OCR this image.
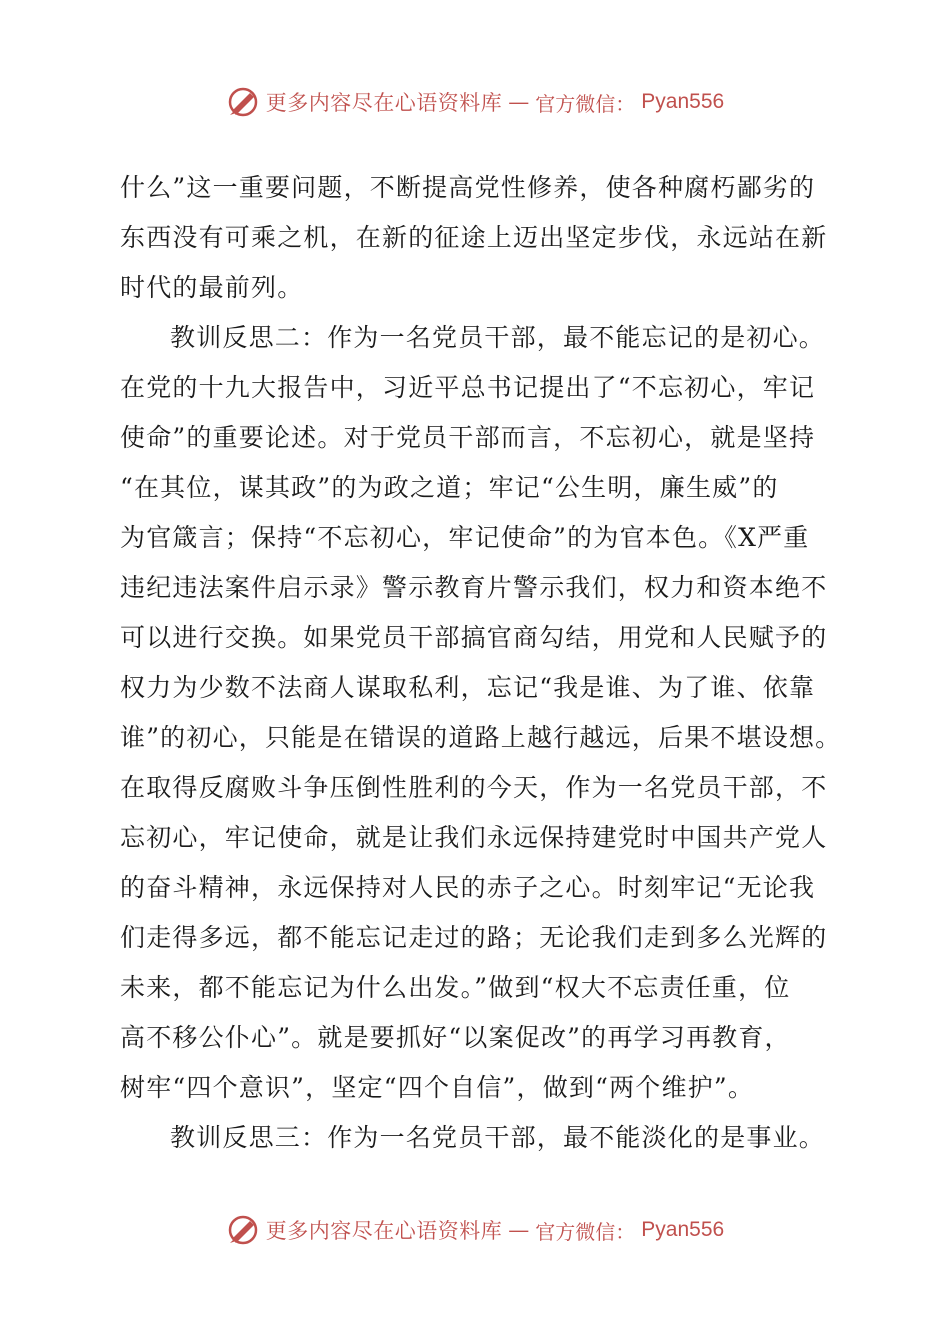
更多内容尽在心语资料库 — 官方微信： Pyan556
什么”这一重要问题，不断提高党性修养，使各种腐朽鄙劣的
东西没有可乘之机，在新的征途上迈出坚定步伐，永远站在新
时代的最前列。
教训反思二：作为一名党员干部，最不能忘记的是初心。
在党的十九大报告中，习近平总书记提出了“不忘初心，牢记
使命”的重要论述。对于党员干部而言，不忘初心，就是坚持
“在其位，谋其政”的为政之道；牢记“公生明，廉生威”的
为官箴言；保持“不忘初心，牢记使命”的为官本色。《X严重
违纪违法案件启示录》警示教育片警示我们，权力和资本绝不
可以进行交换。如果党员干部搞官商勾结，用党和人民赋予的
权力为少数不法商人谋取私利，忘记“我是谁、为了谁、依靠
谁”的初心，只能是在错误的道路上越行越远，后果不堪设想。
在取得反腐败斗争压倒性胜利的今天，作为一名党员干部，不
忘初心，牢记使命，就是让我们永远保持建党时中国共产党人
的奋斗精神，永远保持对人民的赤子之心。时刻牢记“无论我
们走得多远，都不能忘记走过的路；无论我们走到多么光辉的
未来，都不能忘记为什么出发。”做到“权大不忘责任重，位
高不移公仆心”。就是要抓好“以案促改”的再学习再教育，
树牢“四个意识”，坚定“四个自信”，做到“两个维护”。
教训反思三：作为一名党员干部，最不能淡化的是事业。
更多内容尽在心语资料库 — 官方微信： Pyan556
